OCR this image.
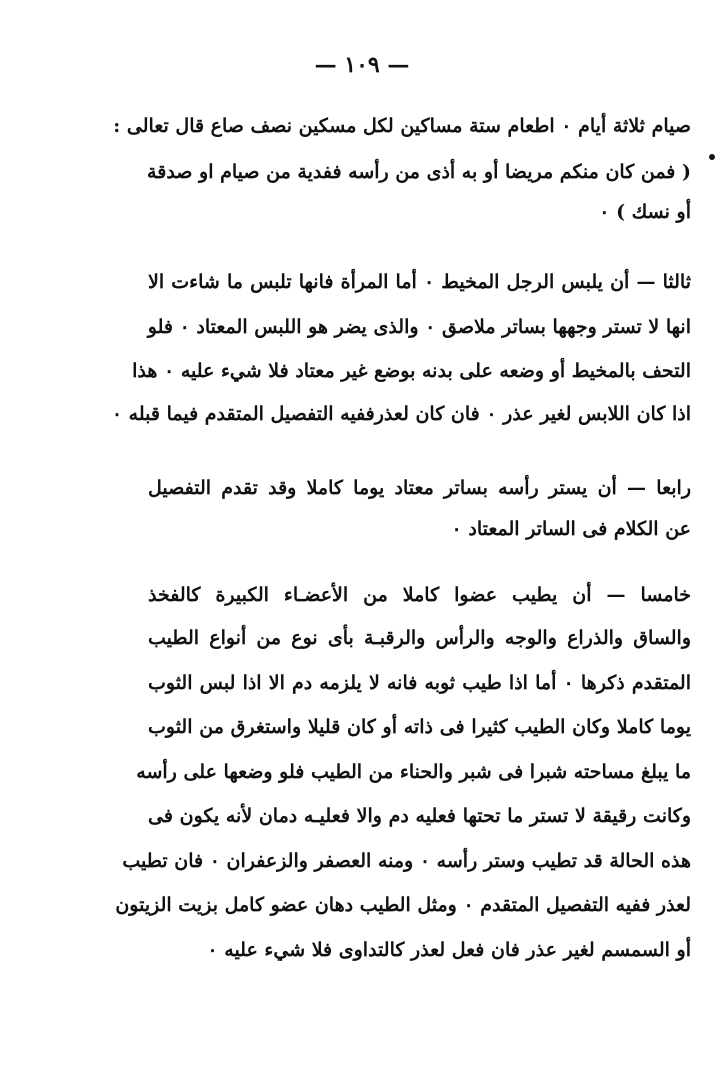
— ١٠٩ —
صيام ثلاثة أيام ٠ اطعام ستة مساكين لكل مسكين نصف صاع قال تعالى :
( فمن كان منكم مريضا أو به أذى من رأسه ففدية من صيام او صدقة
أو نسك ) ٠
ثالثا — أن يلبس الرجل المخيط ٠ أما المرأة فانها تلبس ما شاءت الا
انها لا تستر وجهها بساتر ملاصق ٠ والذى يضر هو اللبس المعتاد ٠ فلو
التحف بالمخيط أو وضعه على بدنه بوضع غير معتاد فلا شيء عليه ٠ هذا
اذا كان اللابس لغير عذر ٠ فان كان لعذرففيه التفصيل المتقدم فيما قبله ٠
رابعا — أن يستر رأسه بساتر معتاد يوما كاملا وقد تقدم التفصيل
عن الكلام فى الساتر المعتاد ٠
خامسا — أن يطيب عضوا كاملا من الأعضـاء الكبيرة كالفخذ
والساق والذراع والوجه والرأس والرقبـة بأى نوع من أنواع الطيب
المتقدم ذكرها ٠ أما اذا طيب ثوبه فانه لا يلزمه دم الا اذا لبس الثوب
يوما كاملا وكان الطيب كثيرا فى ذاته أو كان قليلا واستغرق من الثوب
ما يبلغ مساحته شبرا فى شبر والحناء من الطيب فلو وضعها على رأسه
وكانت رقيقة لا تستر ما تحتها فعليه دم والا فعليـه دمان لأنه يكون فى
هذه الحالة قد تطيب وستر رأسه ٠ ومنه العصفر والزعفران ٠ فان تطيب
لعذر ففيه التفصيل المتقدم ٠ ومثل الطيب دهان عضو كامل بزيت الزيتون
أو السمسم لغير عذر فان فعل لعذر كالتداوى فلا شيء عليه ٠
